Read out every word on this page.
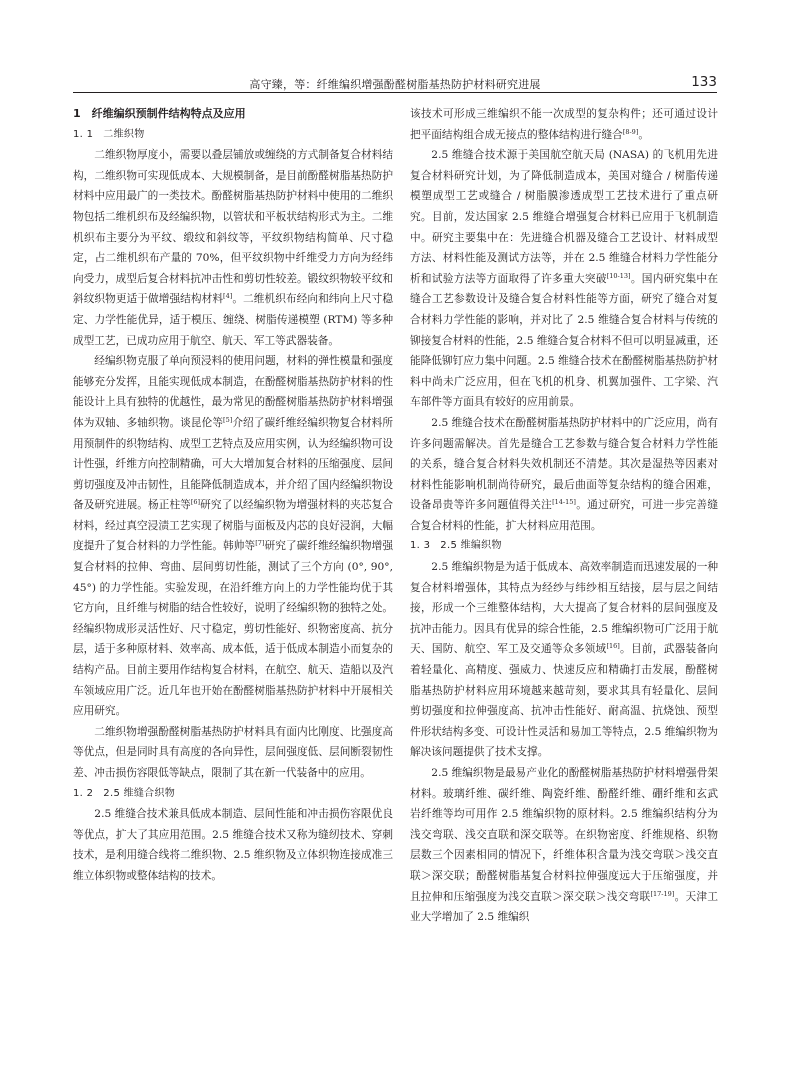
高守臻，等：纤维编织增强酚醛树脂基热防护材料研究进展	133
1　纤维编织预制件结构特点及应用
1. 1 二维织物

二维织物厚度小，需要以叠层铺放或缠绕的方式制备复合材料结构，二维织物可实现低成本、大规模制备，是目前酚醛树脂基热防护材料中应用最广的一类技术。酚醛树脂基热防护材料中使用的二维织物包括二维机织布及经编织物，以管状和平板状结构形式为主。二维机织布主要分为平纹、缎纹和斜纹等，平纹织物结构简单、尺寸稳定，占二维机织布产量的 70%，但平纹织物中纤维受力方向为经纬向受力，成型后复合材料抗冲击性和剪切性较差。锻纹织物较平纹和斜纹织物更适于做增强结构材料[4]。二维机织布经向和纬向上尺寸稳定、力学性能优异，适于模压、缠绕、树脂传递模塑 (RTM) 等多种成型工艺，已成功应用于航空、航天、军工等武器装备。

经编织物克服了单向预浸料的使用问题，材料的弹性模量和强度能够充分发挥，且能实现低成本制造，在酚醛树脂基热防护材料的性能设计上具有独特的优越性，最为常见的酚醛树脂基热防护材料增强体为双轴、多轴织物。谈昆伦等[5]介绍了碳纤维经编织物复合材料所用预制件的织物结构、成型工艺特点及应用实例，认为经编织物可设计性强，纤维方向控制精确，可大大增加复合材料的压缩强度、层间剪切强度及冲击韧性，且能降低制造成本，并介绍了国内经编织物设备及研究进展。杨正柱等[6]研究了以经编织物为增强材料的夹芯复合材料，经过真空浸渍工艺实现了树脂与面板及内芯的良好浸润，大幅度提升了复合材料的力学性能。韩帅等[7]研究了碳纤维经编织物增强复合材料的拉伸、弯曲、层间剪切性能，测试了三个方向 (0°, 90°, 45°) 的力学性能。实验发现，在沿纤维方向上的力学性能均优于其它方向，且纤维与树脂的结合性较好，说明了经编织物的独特之处。经编织物成形灵活性好、尺寸稳定，剪切性能好、织物密度高、抗分层，适于多种原材料、效率高、成本低，适于低成本制造小而复杂的结构产品。目前主要用作结构复合材料，在航空、航天、造船以及汽车领域应用广泛。近几年也开始在酚醛树脂基热防护材料中开展相关应用研究。

二维织物增强酚醛树脂基热防护材料具有面内比刚度、比强度高等优点，但是同时具有高度的各向异性，层间强度低、层间断裂韧性差、冲击损伤容限低等缺点，限制了其在新一代装备中的应用。

1. 2 2.5 维缝合织物

2.5 维缝合技术兼具低成本制造、层间性能和冲击损伤容限优良等优点，扩大了其应用范围。2.5 维缝合技术又称为缝纫技术、穿刺技术，是利用缝合线将二维织物、2.5 维织物及立体织物连接成准三维立体织物或整体结构的技术。

该技术可形成三维编织不能一次成型的复杂构件；还可通过设计把平面结构组合成无接点的整体结构进行缝合[8-9]。

2.5 维缝合技术源于美国航空航天局 (NASA) 的飞机用先进复合材料研究计划，为了降低制造成本，美国对缝合 / 树脂传递模塑成型工艺或缝合 / 树脂膜渗透成型工艺技术进行了重点研究。目前，发达国家 2.5 维缝合增强复合材料已应用于飞机制造中。研究主要集中在：先进缝合机器及缝合工艺设计、材料成型方法、材料性能及测试方法等，并在 2.5 维缝合材料力学性能分析和试验方法等方面取得了许多重大突破[10-13]。国内研究集中在缝合工艺参数设计及缝合复合材料性能等方面，研究了缝合对复合材料力学性能的影响，并对比了 2.5 维缝合复合材料与传统的铆接复合材料的性能，2.5 维缝合复合材料不但可以明显减重，还能降低铆钉应力集中问题。2.5 维缝合技术在酚醛树脂基热防护材料中尚未广泛应用，但在飞机的机身、机翼加强件、工字梁、汽车部件等方面具有较好的应用前景。

2.5 维缝合技术在酚醛树脂基热防护材料中的广泛应用，尚有许多问题需解决。首先是缝合工艺参数与缝合复合材料力学性能的关系，缝合复合材料失效机制还不清楚。其次是湿热等因素对材料性能影响机制尚待研究，最后曲面等复杂结构的缝合困难，设备昂贵等许多问题值得关注[14-15]。通过研究，可进一步完善缝合复合材料的性能，扩大材料应用范围。

1. 3 2.5 维编织物

2.5 维编织物是为适于低成本、高效率制造而迅速发展的一种复合材料增强体，其特点为经纱与纬纱相互结接，层与层之间结接，形成一个三维整体结构，大大提高了复合材料的层间强度及抗冲击能力。因具有优异的综合性能，2.5 维编织物可广泛用于航天、国防、航空、军工及交通等众多领域[16]。目前，武器装备向着轻量化、高精度、强威力、快速反应和精确打击发展，酚醛树脂基热防护材料应用环境越来越苛刻，要求其具有轻量化、层间剪切强度和拉伸强度高、抗冲击性能好、耐高温、抗烧蚀、预型件形状结构多变、可设计性灵活和易加工等特点，2.5 维编织物为解决该问题提供了技术支撑。

2.5 维编织物是最易产业化的酚醛树脂基热防护材料增强骨架材料。玻璃纤维、碳纤维、陶瓷纤维、酚醛纤维、硼纤维和玄武岩纤维等均可用作 2.5 维编织物的原材料。2.5 维编织结构分为浅交弯联、浅交直联和深交联等。在织物密度、纤维规格、织物层数三个因素相同的情况下，纤维体积含量为浅交弯联＞浅交直联＞深交联；酚醛树脂基复合材料拉伸强度远大于压缩强度，并且拉伸和压缩强度为浅交直联＞深交联＞浅交弯联[17-19]。天津工业大学增加了 2.5 维编织
